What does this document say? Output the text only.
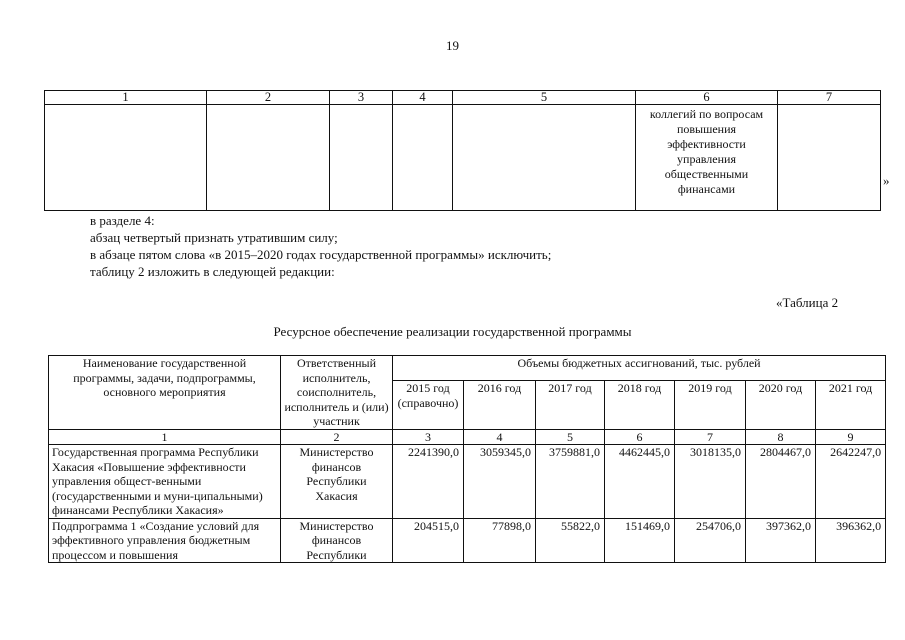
19
1	2	3	4	5	6	7
					коллегий по вопросам повышения эффективности управления общественными финансами	
»
в разделе 4:
абзац четвертый признать утратившим силу;
в абзаце пятом слова «в 2015–2020 годах государственной программы» исключить;
таблицу 2 изложить в следующей редакции:
«Таблица 2
Ресурсное обеспечение реализации государственной программы
Наименование государственной программы, задачи, подпрограммы, основного мероприятия	Ответственный исполнитель, соисполнитель, исполнитель и (или) участник	Объемы бюджетных ассигнований, тыс. рублей						
		2015 год (справочно)	2016 год	2017 год	2018 год	2019 год	2020 год	2021 год
1	2	3	4	5	6	7	8	9
Государственная программа Республики Хакасия «Повышение эффективности управления общест-венными (государственными и муни-ципальными) финансами Республики Хакасия»	Министерство финансов Республики Хакасия	2241390,0	3059345,0	3759881,0	4462445,0	3018135,0	2804467,0	2642247,0
Подпрограмма 1 «Создание условий для эффективного управления бюджетным процессом и повышения	Министерство финансов Республики	204515,0	77898,0	55822,0	151469,0	254706,0	397362,0	396362,0
